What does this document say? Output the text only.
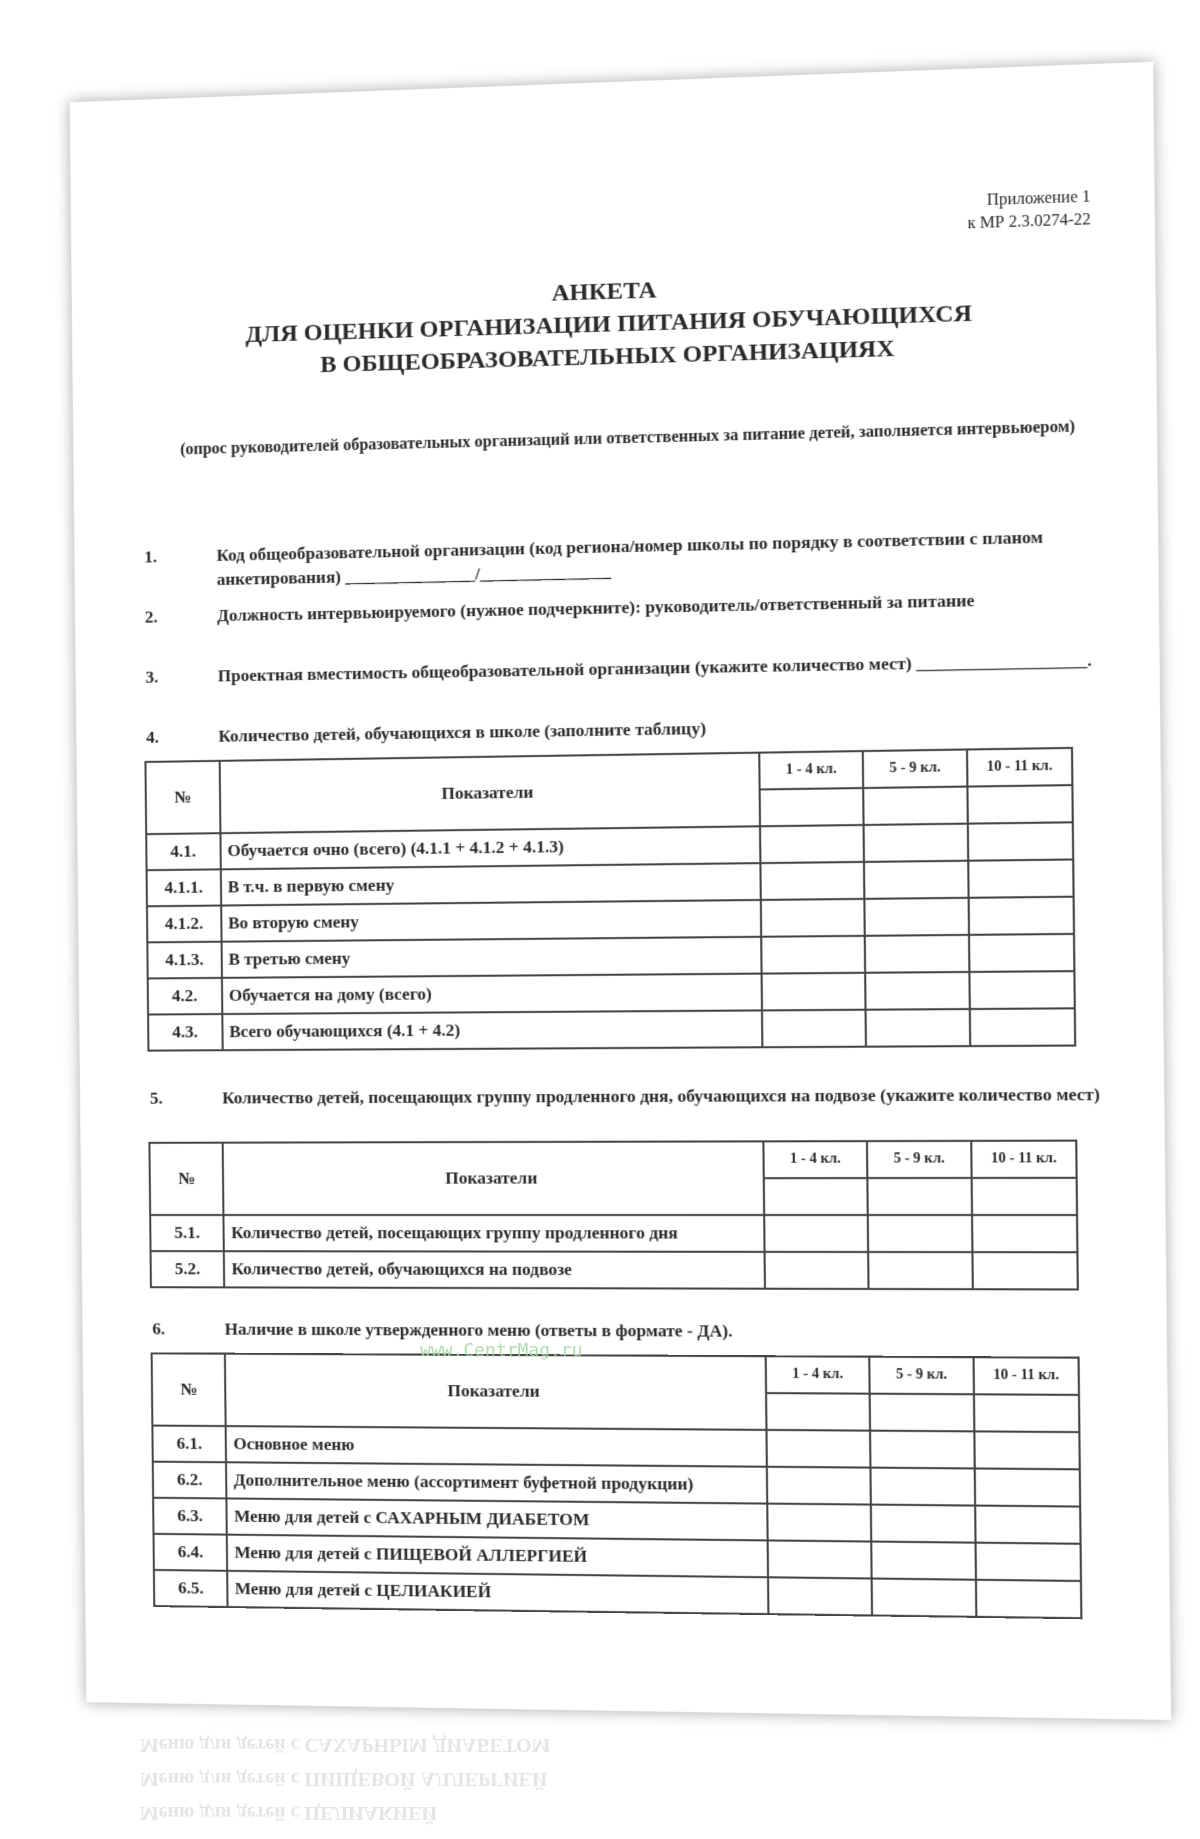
Приложение 1
к МР 2.3.0274-22
АНКЕТА
ДЛЯ ОЦЕНКИ ОРГАНИЗАЦИИ ПИТАНИЯ ОБУЧАЮЩИХСЯ
В ОБЩЕОБРАЗОВАТЕЛЬНЫХ ОРГАНИЗАЦИЯХ
(опрос руководителей образовательных организаций или ответственных за питание детей, заполняется интервьюером)
1.	Код общеобразовательной организации (код региона/номер школы по порядку в соответствии с планом анкетирования) _______________/_______________
2.	Должность интервьюируемого (нужное подчеркните): руководитель/ответственный за питание
3.	Проектная вместимость общеобразовательной организации (укажите количество мест) ___________________.
4.	Количество детей, обучающихся в школе (заполните таблицу)
№	Показатели	1 - 4 кл.	5 - 9 кл.	10 - 11 кл.

4.1.	Обучается очно (всего) (4.1.1 + 4.1.2 + 4.1.3)			
4.1.1.	В т.ч. в первую смену			
4.1.2.	Во вторую смену			
4.1.3.	В третью смену			
4.2.	Обучается на дому (всего)			
4.3.	Всего обучающихся (4.1 + 4.2)			
5.	Количество детей, посещающих группу продленного дня, обучающихся на подвозе (укажите количество мест)
№	Показатели	1 - 4 кл.	5 - 9 кл.	10 - 11 кл.

5.1.	Количество детей, посещающих группу продленного дня			
5.2.	Количество детей, обучающихся на подвозе			
6.	Наличие в школе утвержденного меню (ответы в формате - ДА).
№	Показатели	1 - 4 кл.	5 - 9 кл.	10 - 11 кл.

6.1.	Основное меню			
6.2.	Дополнительное меню (ассортимент буфетной продукции)			
6.3.	Меню для детей с САХАРНЫМ ДИАБЕТОМ			
6.4.	Меню для детей с ПИЩЕВОЙ АЛЛЕРГИЕЙ			
6.5.	Меню для детей с ЦЕЛИАКИЕЙ			
www.CentrMag.ru
Меню для детей с ЦЕЛИАКИЕЙ
Меню для детей с ПИЩЕВОЙ АЛЛЕРГИЕЙ
Меню для детей с САХАРНЫМ ДИАБЕТОМ
